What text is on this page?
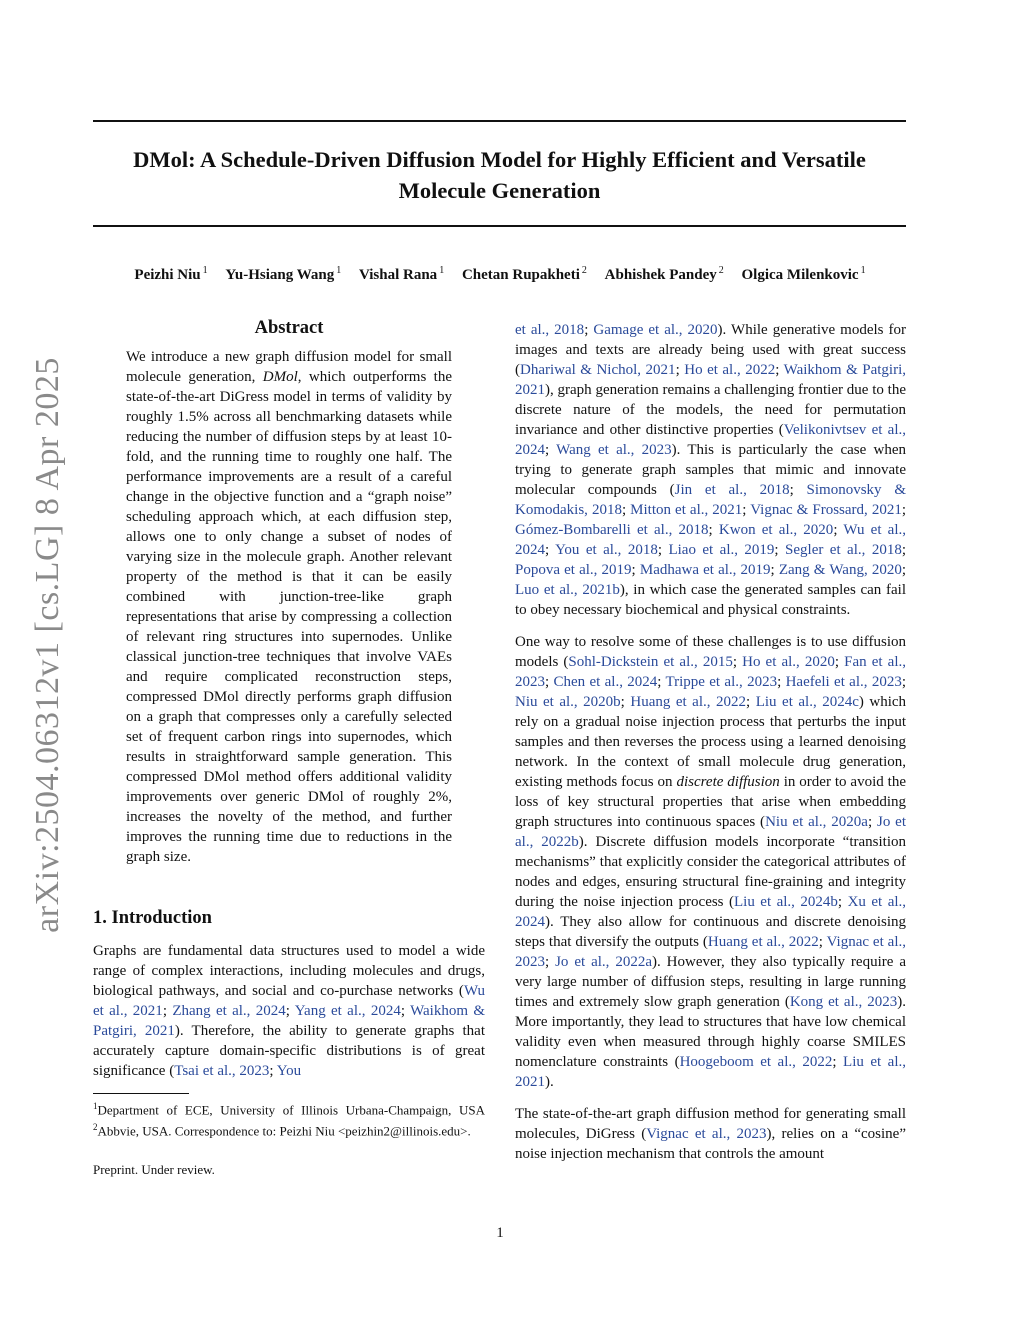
DMol: A Schedule-Driven Diffusion Model for Highly Efficient and Versatile
Molecule Generation
Peizhi Niu $^1$ Yu-Hsiang Wang $^1$ Vishal Rana $^1$ Chetan Rupakheti $^2$ Abhishek Pandey $^2$ Olgica Milenkovic $^1$
arXiv:2504.06312v1 [cs.LG] 8 Apr 2025
Abstract

We introduce a new graph diffusion model for small molecule generation, DMol, which outperforms the state-of-the-art DiGress model in terms of validity by roughly 1.5% across all benchmarking datasets while reducing the number of diffusion steps by at least 10-fold, and the running time to roughly one half. The performance improvements are a result of a careful change in the objective function and a “graph noise” scheduling approach which, at each diffusion step, allows one to only change a subset of nodes of varying size in the molecule graph. Another relevant property of the method is that it can be easily combined with junction-tree-like graph representations that arise by compressing a collection of relevant ring structures into supernodes. Unlike classical junction-tree techniques that involve VAEs and require complicated reconstruction steps, compressed DMol directly performs graph diffusion on a graph that compresses only a carefully selected set of frequent carbon rings into supernodes, which results in straightforward sample generation. This compressed DMol method offers additional validity improvements over generic DMol of roughly 2%, increases the novelty of the method, and further improves the running time due to reductions in the graph size.

1. Introduction

Graphs are fundamental data structures used to model a wide range of complex interactions, including molecules and drugs, biological pathways, and social and co-purchase networks (Wu et al., 2021; Zhang et al., 2024; Yang et al., 2024; Waikhom & Patgiri, 2021). Therefore, the ability to generate graphs that accurately capture domain-specific distributions is of great significance (Tsai et al., 2023; You

$^1$Department of ECE, University of Illinois Urbana-Champaign, USA $^2$Abbvie, USA. Correspondence to: Peizhi Niu <peizhin2@illinois.edu>.

Preprint. Under review.

et al., 2018; Gamage et al., 2020). While generative models for images and texts are already being used with great success (Dhariwal & Nichol, 2021; Ho et al., 2022; Waikhom & Patgiri, 2021), graph generation remains a challenging frontier due to the discrete nature of the models, the need for permutation invariance and other distinctive properties (Velikonivtsev et al., 2024; Wang et al., 2023). This is particularly the case when trying to generate graph samples that mimic and innovate molecular compounds (Jin et al., 2018; Simonovsky & Komodakis, 2018; Mitton et al., 2021; Vignac & Frossard, 2021; Gómez-Bombarelli et al., 2018; Kwon et al., 2020; Wu et al., 2024; You et al., 2018; Liao et al., 2019; Segler et al., 2018; Popova et al., 2019; Madhawa et al., 2019; Zang & Wang, 2020; Luo et al., 2021b), in which case the generated samples can fail to obey necessary biochemical and physical constraints.

One way to resolve some of these challenges is to use diffusion models (Sohl-Dickstein et al., 2015; Ho et al., 2020; Fan et al., 2023; Chen et al., 2024; Trippe et al., 2023; Haefeli et al., 2023; Niu et al., 2020b; Huang et al., 2022; Liu et al., 2024c) which rely on a gradual noise injection process that perturbs the input samples and then reverses the process using a learned denoising network. In the context of small molecule drug generation, existing methods focus on discrete diffusion in order to avoid the loss of key structural properties that arise when embedding graph structures into continuous spaces (Niu et al., 2020a; Jo et al., 2022b). Discrete diffusion models incorporate “transition mechanisms” that explicitly consider the categorical attributes of nodes and edges, ensuring structural fine-graining and integrity during the noise injection process (Liu et al., 2024b; Xu et al., 2024). They also allow for continuous and discrete denoising steps that diversify the outputs (Huang et al., 2022; Vignac et al., 2023; Jo et al., 2022a). However, they also typically require a very large number of diffusion steps, resulting in large running times and extremely slow graph generation (Kong et al., 2023). More importantly, they lead to structures that have low chemical validity even when measured through highly coarse SMILES nomenclature constraints (Hoogeboom et al., 2022; Liu et al., 2021).

The state-of-the-art graph diffusion method for generating small molecules, DiGress (Vignac et al., 2023), relies on a “cosine” noise injection mechanism that controls the amount

1
